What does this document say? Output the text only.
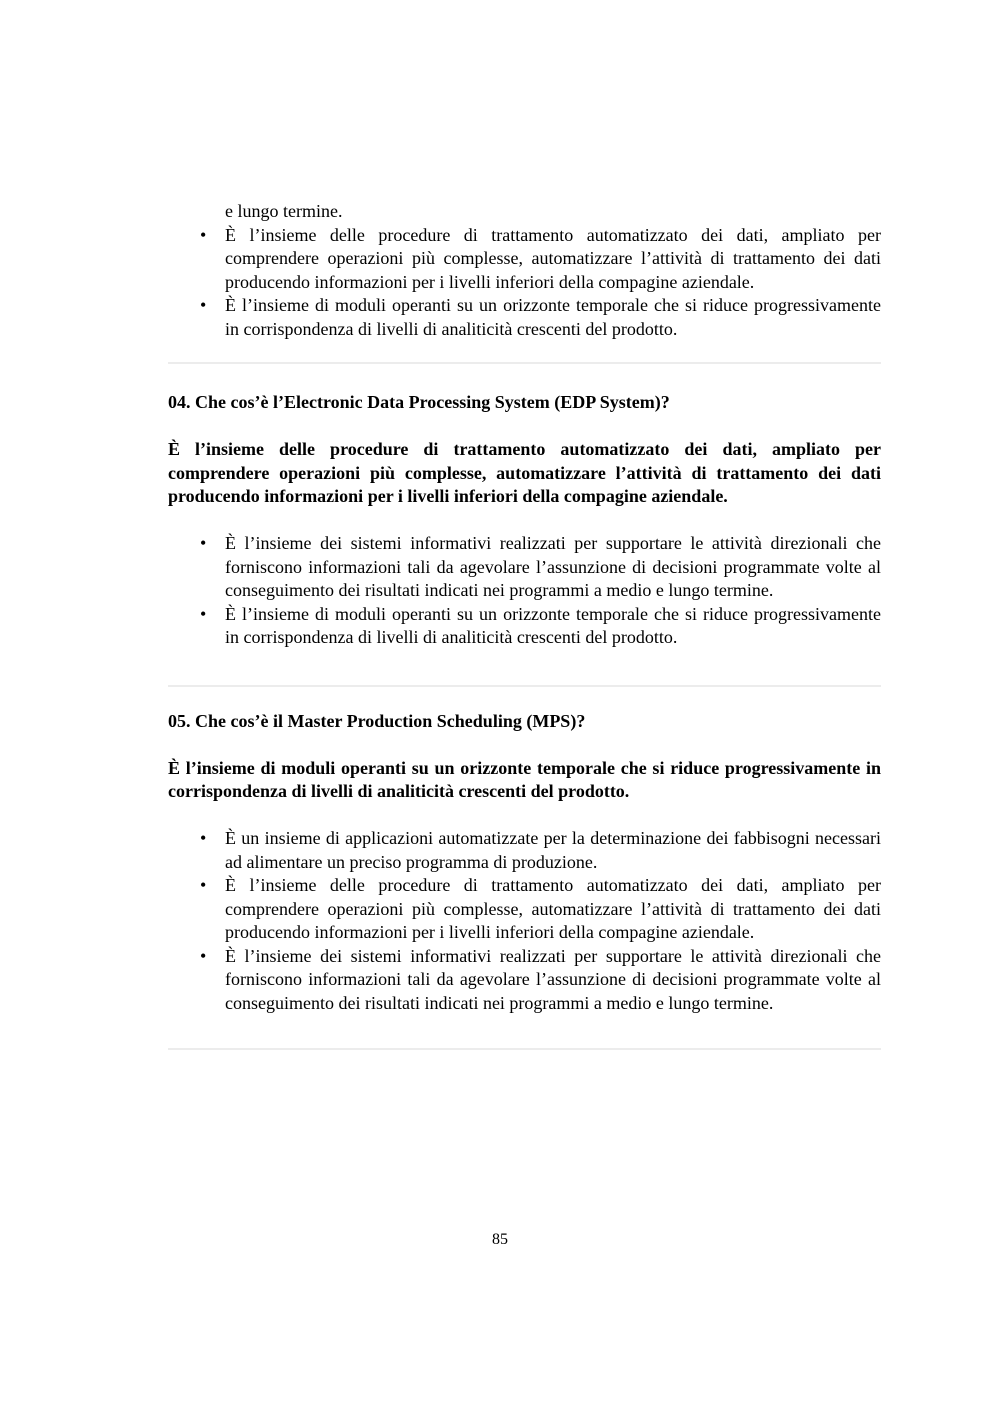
e lungo termine.
• È l’insieme delle procedure di trattamento automatizzato dei dati, ampliato per comprendere operazioni più complesse, automatizzare l’attività di trattamento dei dati producendo informazioni per i livelli inferiori della compagine aziendale.
• È l’insieme di moduli operanti su un orizzonte temporale che si riduce progressivamente in corrispondenza di livelli di analiticità crescenti del prodotto.

04. Che cos’è l’Electronic Data Processing System (EDP System)?

È l’insieme delle procedure di trattamento automatizzato dei dati, ampliato per comprendere operazioni più complesse, automatizzare l’attività di trattamento dei dati producendo informazioni per i livelli inferiori della compagine aziendale.

• È l’insieme dei sistemi informativi realizzati per supportare le attività direzionali che forniscono informazioni tali da agevolare l’assunzione di decisioni programmate volte al conseguimento dei risultati indicati nei programmi a medio e lungo termine.
• È l’insieme di moduli operanti su un orizzonte temporale che si riduce progressivamente in corrispondenza di livelli di analiticità crescenti del prodotto.

05. Che cos’è il Master Production Scheduling (MPS)?

È l’insieme di moduli operanti su un orizzonte temporale che si riduce progressivamente in corrispondenza di livelli di analiticità crescenti del prodotto.

• È un insieme di applicazioni automatizzate per la determinazione dei fabbisogni necessari ad alimentare un preciso programma di produzione.
• È l’insieme delle procedure di trattamento automatizzato dei dati, ampliato per comprendere operazioni più complesse, automatizzare l’attività di trattamento dei dati producendo informazioni per i livelli inferiori della compagine aziendale.
• È l’insieme dei sistemi informativi realizzati per supportare le attività direzionali che forniscono informazioni tali da agevolare l’assunzione di decisioni programmate volte al conseguimento dei risultati indicati nei programmi a medio e lungo termine.
85
